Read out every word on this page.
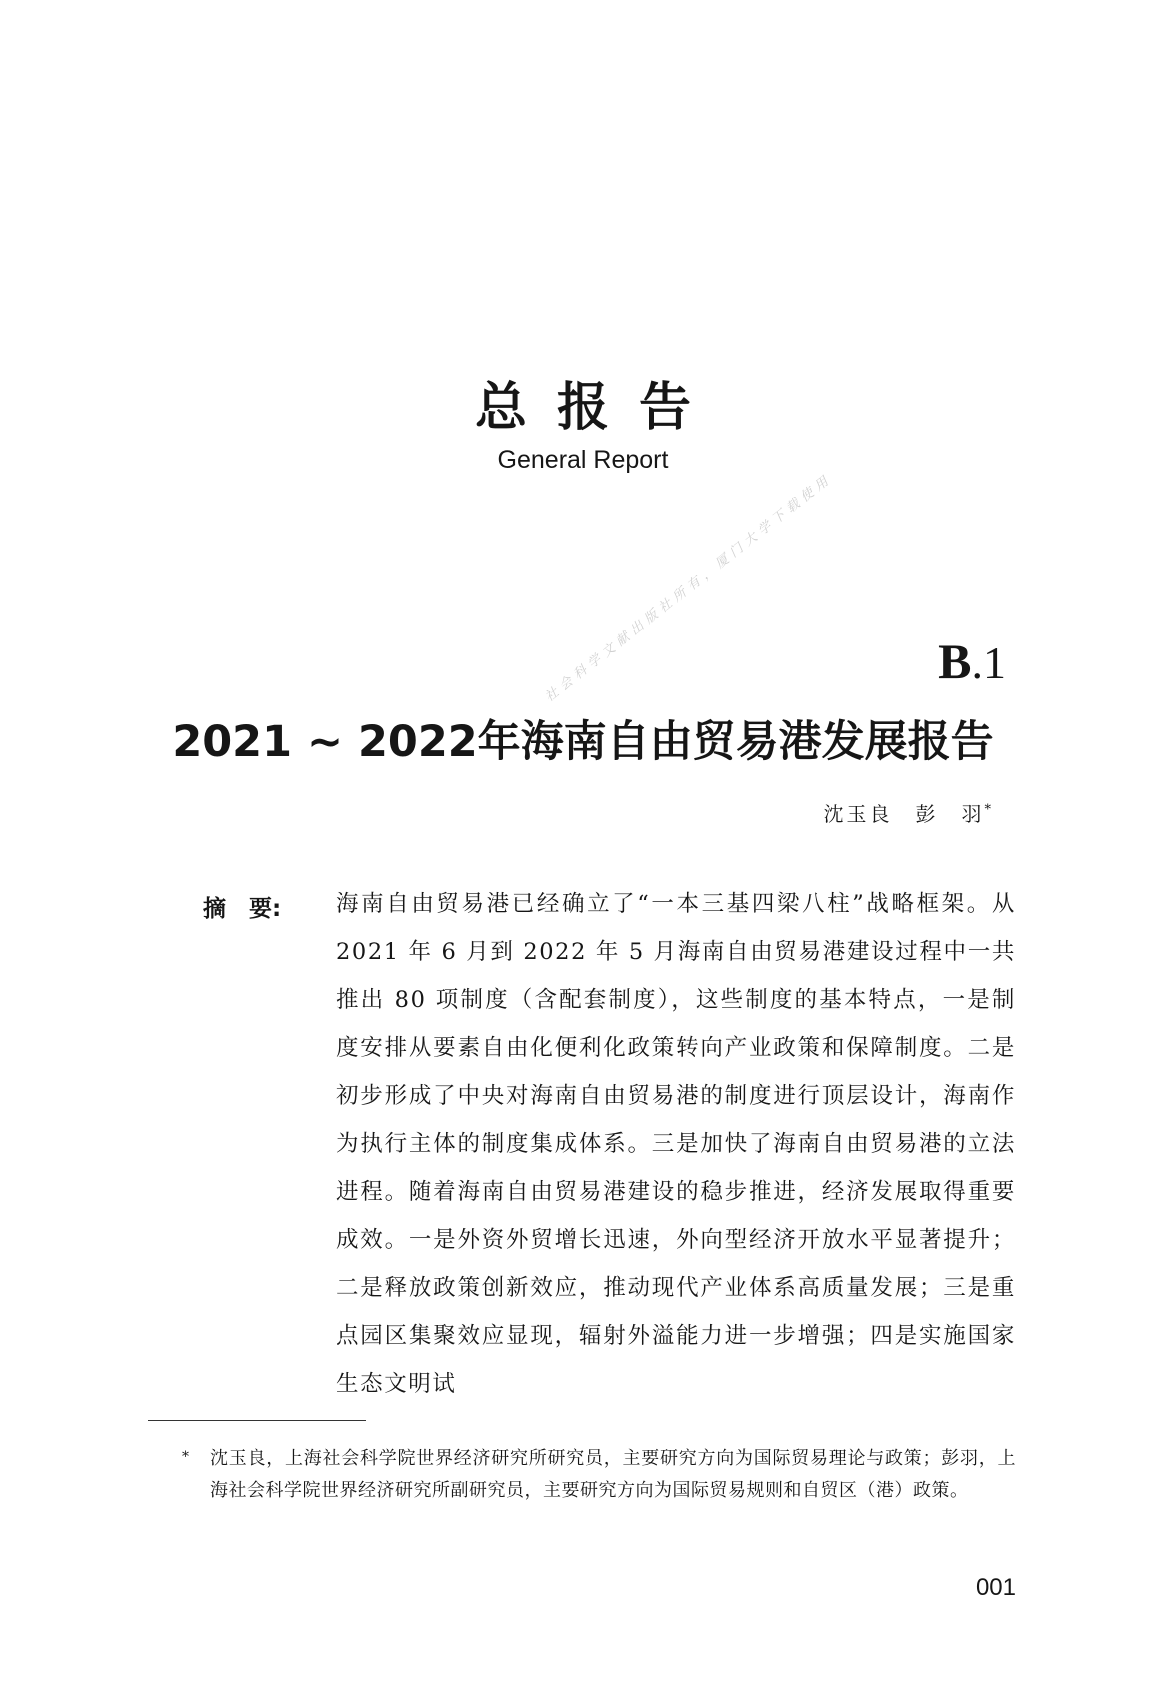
总报告

General Report

B.1
2021 ~ 2022年海南自由贸易港发展报告
沈玉良　彭　羽*
摘　要: 海南自由贸易港已经确立了“一本三基四梁八柱”战略框架。从 2021 年 6 月到 2022 年 5 月海南自由贸易港建设过程中一共推出 80 项制度（含配套制度），这些制度的基本特点，一是制度安排从要素自由化便利化政策转向产业政策和保障制度。二是初步形成了中央对海南自由贸易港的制度进行顶层设计，海南作为执行主体的制度集成体系。三是加快了海南自由贸易港的立法进程。随着海南自由贸易港建设的稳步推进，经济发展取得重要成效。一是外资外贸增长迅速，外向型经济开放水平显著提升；二是释放政策创新效应，推动现代产业体系高质量发展；三是重点园区集聚效应显现，辐射外溢能力进一步增强；四是实施国家生态文明试

*	沈玉良，上海社会科学院世界经济研究所研究员，主要研究方向为国际贸易理论与政策；彭羽，上海社会科学院世界经济研究所副研究员，主要研究方向为国际贸易规则和自贸区（港）政策。
001
社会科学文献出版社所有，厦门大学下载使用
